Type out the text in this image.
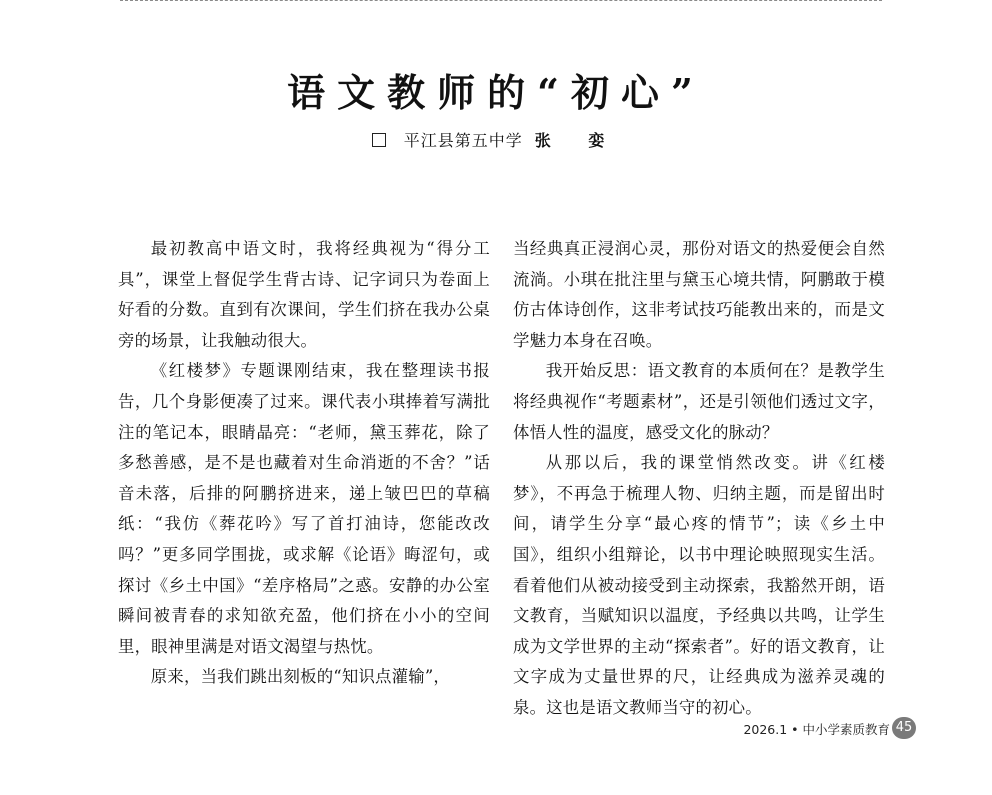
语文教师的“初心”
平江县第五中学 张 娈

最初教高中语文时，我将经典视为“得分工具”，课堂上督促学生背古诗、记字词只为卷面上好看的分数。直到有次课间，学生们挤在我办公桌旁的场景，让我触动很大。

《红楼梦》专题课刚结束，我在整理读书报告，几个身影便凑了过来。课代表小琪捧着写满批注的笔记本，眼睛晶亮：“老师，黛玉葬花，除了多愁善感，是不是也藏着对生命消逝的不舍？”话音未落，后排的阿鹏挤进来，递上皱巴巴的草稿纸：“我仿《葬花吟》写了首打油诗，您能改改吗？”更多同学围拢，或求解《论语》晦涩句，或探讨《乡土中国》“差序格局”之惑。安静的办公室瞬间被青春的求知欲充盈，他们挤在小小的空间里，眼神里满是对语文渴望与热忱。

原来，当我们跳出刻板的“知识点灌输”，

当经典真正浸润心灵，那份对语文的热爱便会自然流淌。小琪在批注里与黛玉心境共情，阿鹏敢于模仿古体诗创作，这非考试技巧能教出来的，而是文学魅力本身在召唤。

我开始反思：语文教育的本质何在？是教学生将经典视作“考题素材”，还是引领他们透过文字，体悟人性的温度，感受文化的脉动？

从那以后，我的课堂悄然改变。讲《红楼梦》，不再急于梳理人物、归纳主题，而是留出时间，请学生分享“最心疼的情节”；读《乡土中国》，组织小组辩论，以书中理论映照现实生活。看着他们从被动接受到主动探索，我豁然开朗，语文教育，当赋知识以温度，予经典以共鸣，让学生成为文学世界的主动“探索者”。好的语文教育，让文字成为丈量世界的尺，让经典成为滋养灵魂的泉。这也是语文教师当守的初心。

2026.1 • 中小学素质教育 45
